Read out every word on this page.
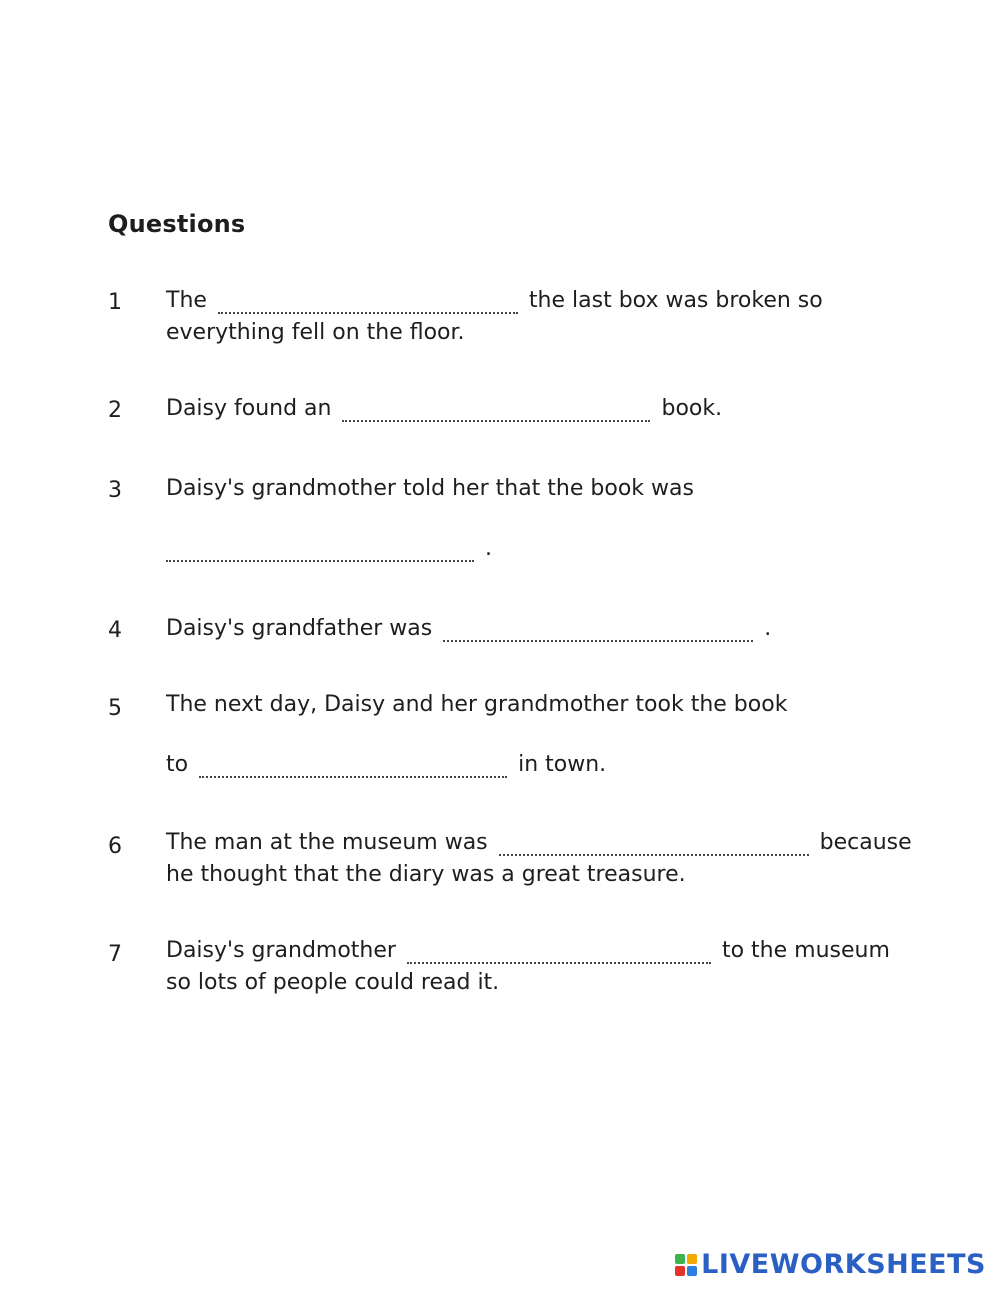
Questions
1	The	the last box was broken so
everything fell on the floor.
2	Daisy found an	book.
3	Daisy's grandmother told her that the book was
.
4	Daisy's grandfather was	.
5	The next day, Daisy and her grandmother took the book
to	in town.
6	The man at the museum was	because
he thought that the diary was a great treasure.
7	Daisy's grandmother	to the museum
so lots of people could read it.
LIVEWORKSHEETS
